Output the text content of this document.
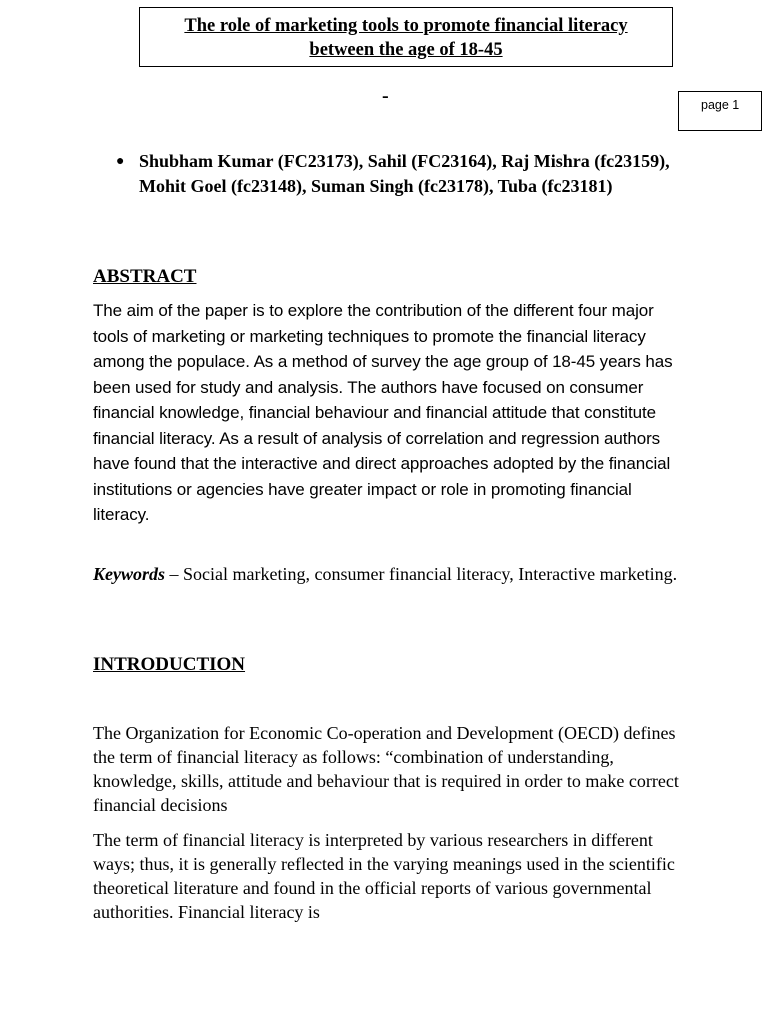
The role of marketing tools to promote financial literacy
between the age of 18-45
-	page 1
● Shubham Kumar (FC23173), Sahil (FC23164), Raj Mishra (fc23159), Mohit Goel (fc23148), Suman Singh (fc23178), Tuba (fc23181)
ABSTRACT
The aim of the paper is to explore the contribution of the different four major tools of marketing or marketing techniques to promote the financial literacy among the populace. As a method of survey the age group of 18-45 years has been used for study and analysis. The authors have focused on consumer financial knowledge, financial behaviour and financial attitude that constitute financial literacy. As a result of analysis of correlation and regression authors have found that the interactive and direct approaches adopted by the financial institutions or agencies have greater impact or role in promoting financial literacy.
Keywords – Social marketing, consumer financial literacy, Interactive marketing.
INTRODUCTION
The Organization for Economic Co-operation and Development (OECD) defines the term of financial literacy as follows: “combination of understanding, knowledge, skills, attitude and behaviour that is required in order to make correct financial decisions
The term of financial literacy is interpreted by various researchers in different ways; thus, it is generally reflected in the varying meanings used in the scientific theoretical literature and found in the official reports of various governmental authorities. Financial literacy is
